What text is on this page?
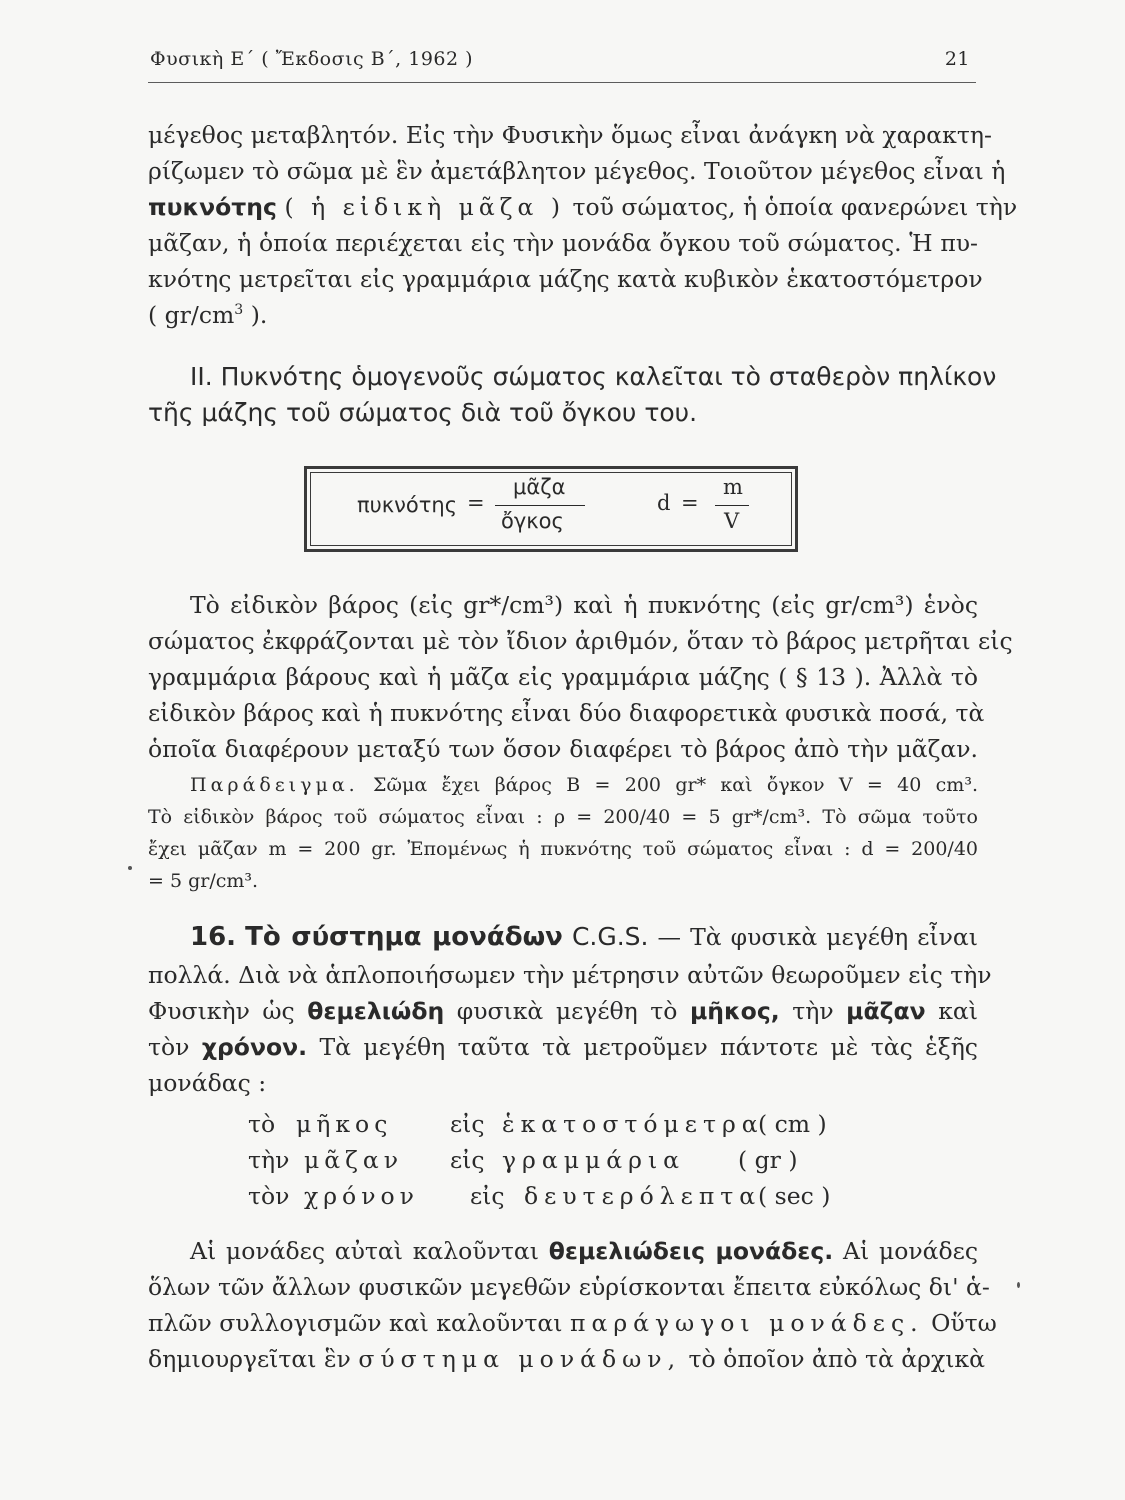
Φυσικὴ Ε΄ ( Ἔκδοσις Β΄, 1962 )	21
μέγεθος μεταβλητόν. Εἰς τὴν Φυσικὴν ὅμως εἶναι ἀνάγκη νὰ χαρακτη-
ρίζωμεν τὸ σῶμα μὲ ἓν ἀμετάβλητον μέγεθος. Τοιοῦτον μέγεθος εἶναι ἡ
πυκνότης ( ἡ εἰδικὴ μᾶζα ) τοῦ σώματος, ἡ ὁποία φανερώνει τὴν
μᾶζαν, ἡ ὁποία περιέχεται εἰς τὴν μονάδα ὄγκου τοῦ σώματος. Ἡ πυ-
κνότης μετρεῖται εἰς γραμμάρια μάζης κατὰ κυβικὸν ἑκατοστόμετρον
( $gr/cm^3$ ).
II. Πυκνότης ὁμογενοῦς σώματος καλεῖται τὸ σταθερὸν πηλίκον
τῆς μάζης τοῦ σώματος διὰ τοῦ ὄγκου του.
πυκνότης =
μᾶζα
ὄγκος
d =
m
V
Τὸ εἰδικὸν βάρος (εἰς gr*/cm³) καὶ ἡ πυκνότης (εἰς gr/cm³) ἑνὸς
σώματος ἐκφράζονται μὲ τὸν ἴδιον ἀριθμόν, ὅταν τὸ βάρος μετρῆται εἰς
γραμμάρια βάρους καὶ ἡ μᾶζα εἰς γραμμάρια μάζης ( § 13 ). Ἀλλὰ τὸ
εἰδικὸν βάρος καὶ ἡ πυκνότης εἶναι δύο διαφορετικὰ φυσικὰ ποσά, τὰ
ὁποῖα διαφέρουν μεταξύ των ὅσον διαφέρει τὸ βάρος ἀπὸ τὴν μᾶζαν.
Παράδειγμα. Σῶμα ἔχει βάρος Β = 200 gr* καὶ ὄγκον V = 40 cm³.
Τὸ εἰδικὸν βάρος τοῦ σώματος εἶναι : ρ = 200/40 = 5 gr*/cm³. Τὸ σῶμα τοῦτο
ἔχει μᾶζαν m = 200 gr. Ἐπομένως ἡ πυκνότης τοῦ σώματος εἶναι : d = 200/40
= 5 gr/cm³.
16. Τὸ σύστημα μονάδων C.G.S. — Τὰ φυσικὰ μεγέθη εἶναι
πολλά. Διὰ νὰ ἁπλοποιήσωμεν τὴν μέτρησιν αὐτῶν θεωροῦμεν εἰς τὴν
Φυσικὴν ὡς θεμελιώδη φυσικὰ μεγέθη τὸ μῆκος, τὴν μᾶζαν καὶ
τὸν χρόνον. Τὰ μεγέθη ταῦτα τὰ μετροῦμεν πάντοτε μὲ τὰς ἑξῆς
μονάδας :
τὸ μῆκος εἰς ἑκατοστόμετρα
( cm )
τὴν μᾶζαν εἰς γραμμάρια ( gr )
τὸν χρόνον εἰς δευτερόλεπτα
( sec )
Αἱ μονάδες αὐταὶ καλοῦνται θεμελιώδεις μονάδες. Αἱ μονάδες
ὅλων τῶν ἄλλων φυσικῶν μεγεθῶν εὑρίσκονται ἔπειτα εὐκόλως δι' ἁ-
πλῶν συλλογισμῶν καὶ καλοῦνται παράγωγοι μονάδες. Οὕτω
δημιουργεῖται ἓν σύστημα μονάδων, τὸ ὁποῖον ἀπὸ τὰ ἀρχικὰ
